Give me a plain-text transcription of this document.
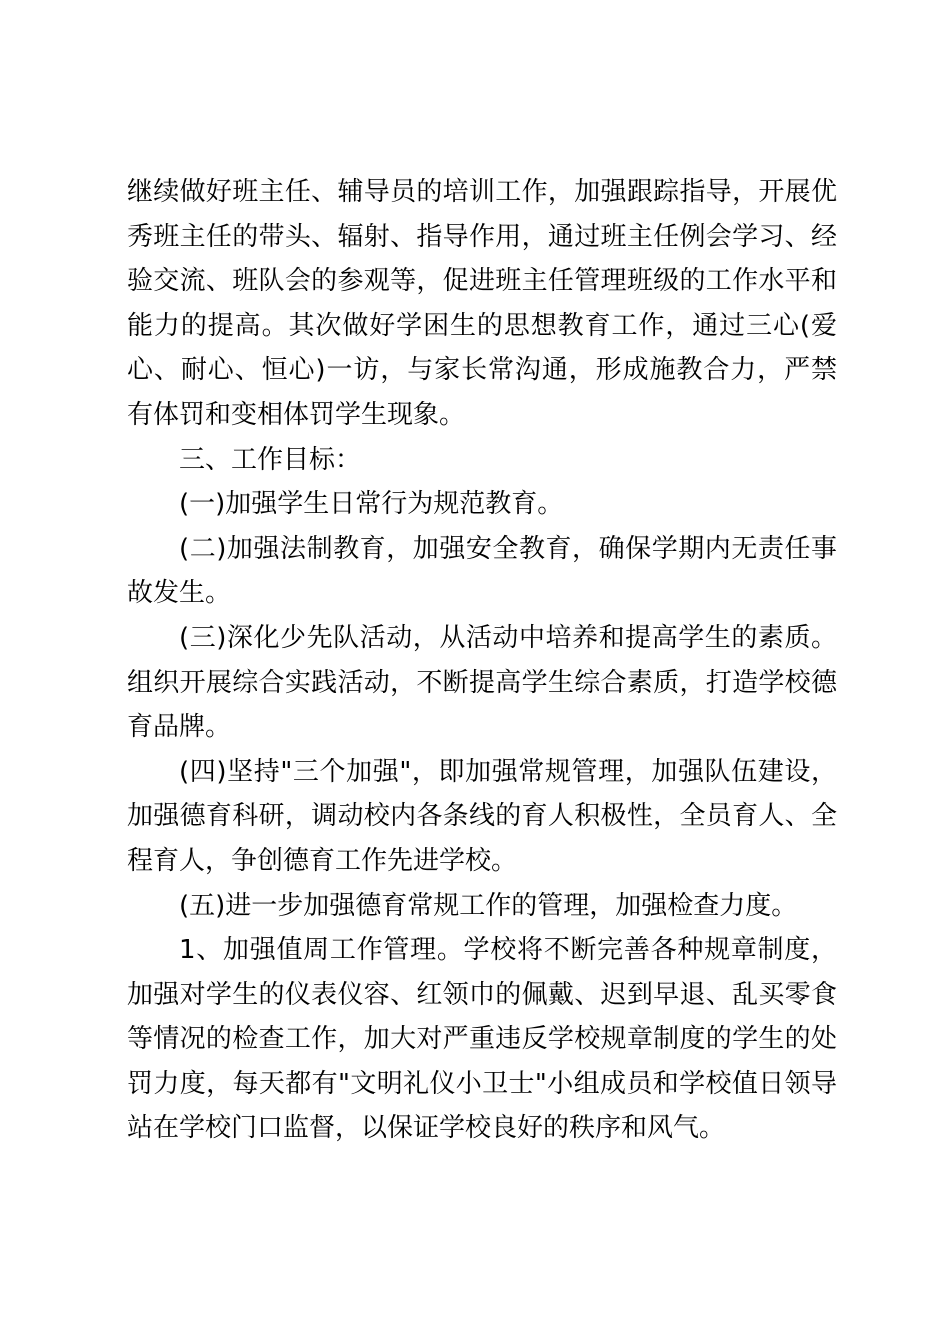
继续做好班主任、辅导员的培训工作，加强跟踪指导，开展优秀班主任的带头、辐射、指导作用，通过班主任例会学习、经验交流、班队会的参观等，促进班主任管理班级的工作水平和能力的提高。其次做好学困生的思想教育工作，通过三心(爱心、耐心、恒心)一访，与家长常沟通，形成施教合力，严禁有体罚和变相体罚学生现象。

三、工作目标：

(一)加强学生日常行为规范教育。

(二)加强法制教育，加强安全教育，确保学期内无责任事故发生。

(三)深化少先队活动，从活动中培养和提高学生的素质。组织开展综合实践活动，不断提高学生综合素质，打造学校德育品牌。

(四)坚持"三个加强"，即加强常规管理，加强队伍建设，加强德育科研，调动校内各条线的育人积极性，全员育人、全程育人，争创德育工作先进学校。

(五)进一步加强德育常规工作的管理，加强检查力度。

1、加强值周工作管理。学校将不断完善各种规章制度，加强对学生的仪表仪容、红领巾的佩戴、迟到早退、乱买零食等情况的检查工作，加大对严重违反学校规章制度的学生的处罚力度，每天都有"文明礼仪小卫士"小组成员和学校值日领导站在学校门口监督，以保证学校良好的秩序和风气。
